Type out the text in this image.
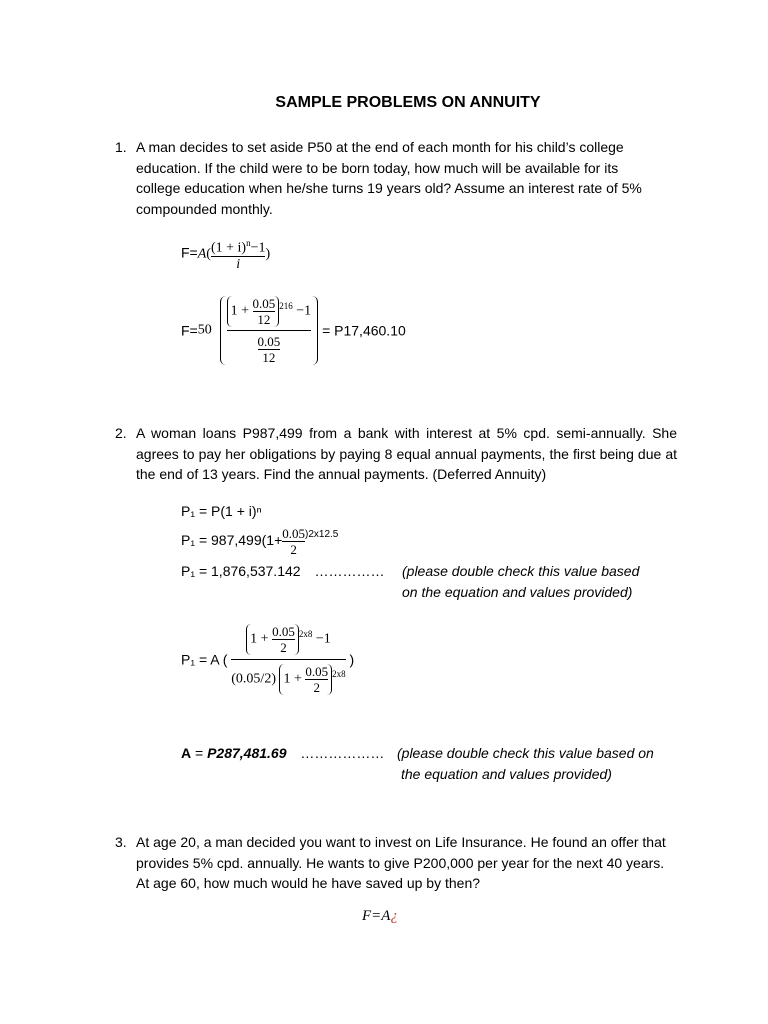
SAMPLE PROBLEMS ON ANNUITY
1. A man decides to set aside P50 at the end of each month for his child’s college education. If the child were to be born today, how much will be available for its college education when he/she turns 19 years old? Assume an interest rate of 5% compounded monthly.
$F=A( \frac{(1 + i)^n-1}{i}$ )
$F=50 \frac{1 + \frac{0.05}{12} ^{216} -1}{\frac{0.05}{12}} = P17,460.10$
2. A woman loans P987,499 from a bank with interest at 5% cpd. semi-annually. She agrees to pay her obligations by paying 8 equal annual payments, the first being due at the end of 13 years. Find the annual payments. (Deferred Annuity)
P₁ = P(1 + i)ⁿ
$P_1 = 987,499(1+ \frac{0.05}{2} ^{)2x12.5}$
P₁ = 1,876,537.142 …………… (please double check this value based
on the equation and values provided)
P₁ = A ( $\frac{1 + \frac{0.05}{2} ^{2x8} -1}{(0.05/2) 1 + \frac{0.05}{2} ^{2x8}}$ )
A = P287,481.69 ……………… (please double check this value based on
the equation and values provided)
3. At age 20, a man decided you want to invest on Life Insurance. He found an offer that provides 5% cpd. annually. He wants to give P200,000 per year for the next 40 years. At age 60, how much would he have saved up by then?
F=A¿
